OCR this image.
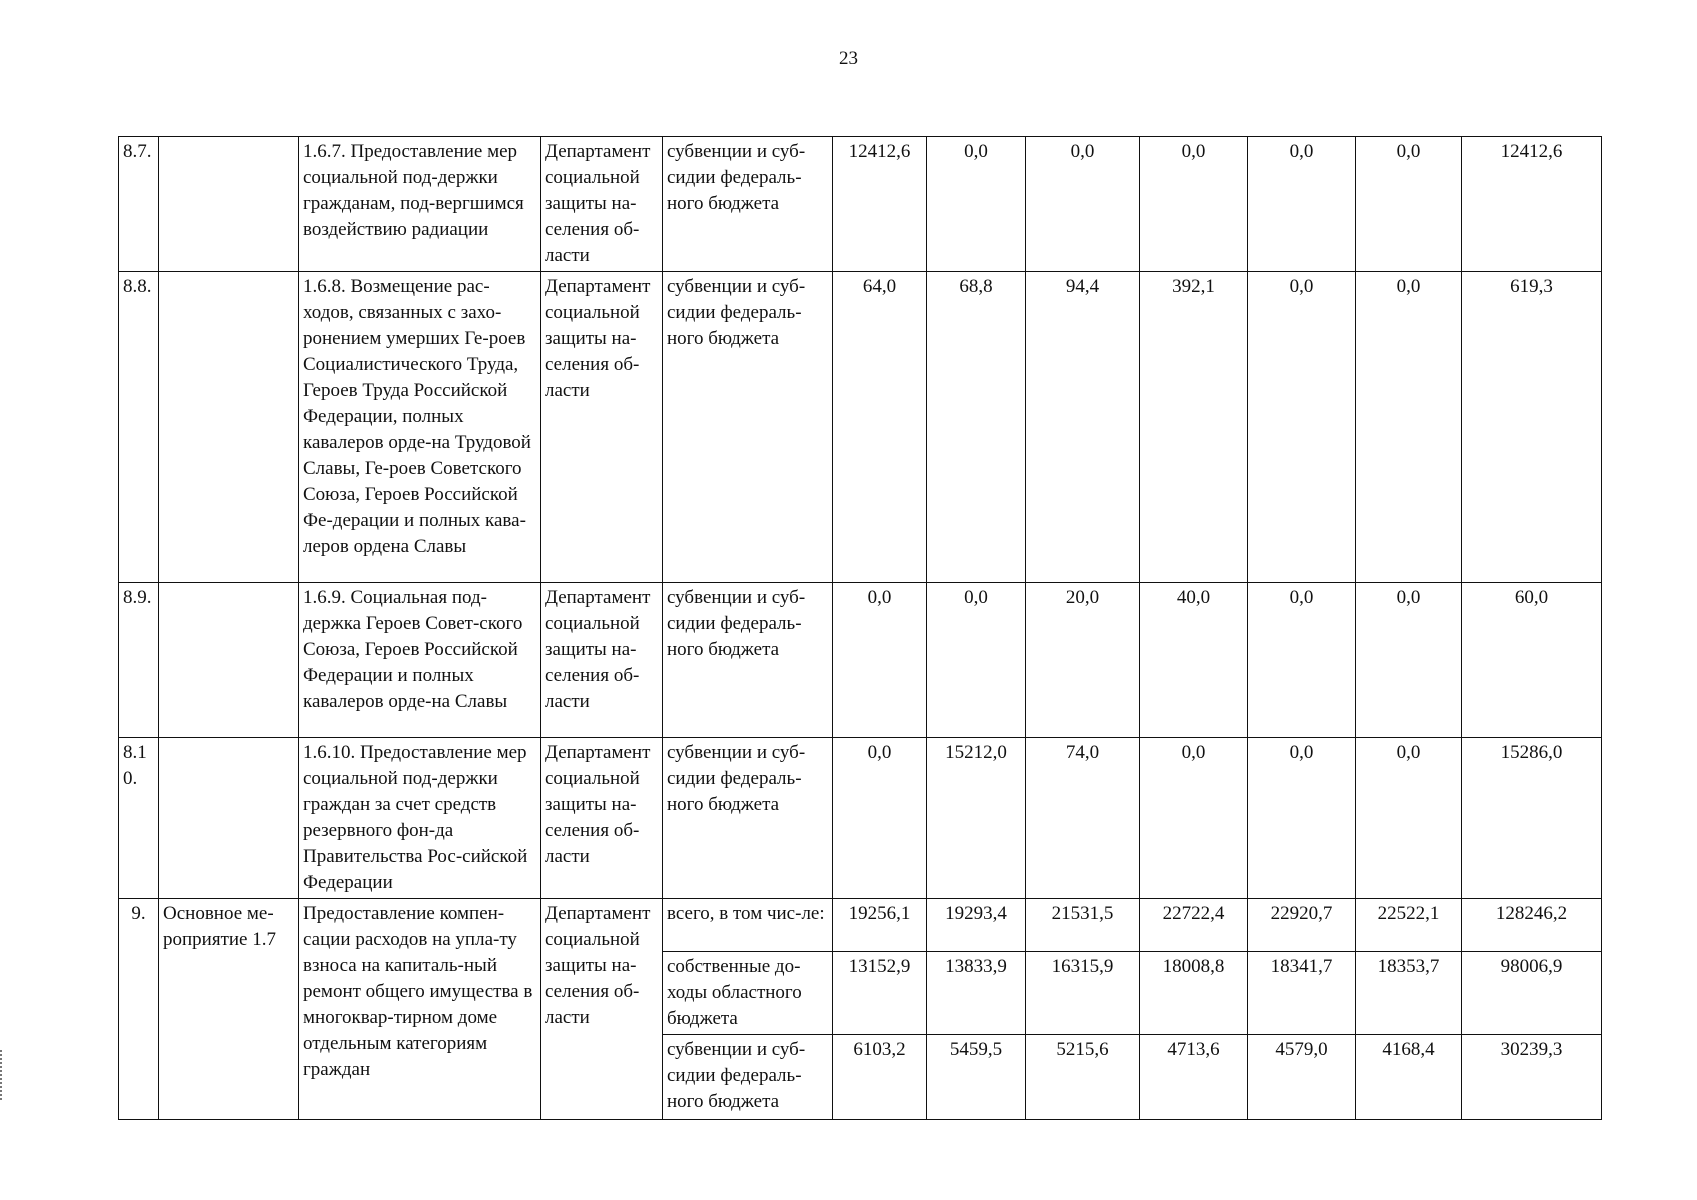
23
8.7.		1.6.7. Предоставление мер социальной под-держки гражданам, под-вергшимся воздействию радиации	Департамент социальной защиты на-селения об-ласти	субвенции и суб-сидии федераль-ного бюджета	12412,6	0,0	0,0	0,0	0,0	0,0	12412,6
8.8.		1.6.8. Возмещение рас-ходов, связанных с захо-ронением умерших Ге-роев Социалистического Труда, Героев Труда Российской Федерации, полных кавалеров орде-на Трудовой Славы, Ге-роев Советского Союза, Героев Российской Фе-дерации и полных кава-леров ордена Славы	Департамент социальной защиты на-селения об-ласти	субвенции и суб-сидии федераль-ного бюджета	64,0	68,8	94,4	392,1	0,0	0,0	619,3
8.9.		1.6.9. Социальная под-держка Героев Совет-ского Союза, Героев Российской Федерации и полных кавалеров орде-на Славы	Департамент социальной защиты на-селения об-ласти	субвенции и суб-сидии федераль-ного бюджета	0,0	0,0	20,0	40,0	0,0	0,0	60,0
8.10.		1.6.10. Предоставление мер социальной под-держки граждан за счет средств резервного фон-да Правительства Рос-сийской Федерации	Департамент социальной защиты на-селения об-ласти	субвенции и суб-сидии федераль-ного бюджета	0,0	15212,0	74,0	0,0	0,0	0,0	15286,0
9.	Основное ме-роприятие 1.7	Предоставление компен-сации расходов на упла-ту взноса на капиталь-ный ремонт общего имущества в многоквар-тирном доме отдельным категориям граждан	Департамент социальной защиты на-селения об-ласти	всего, в том чис-ле:	19256,1	19293,4	21531,5	22722,4	22920,7	22522,1	128246,2
				собственные до-ходы областного бюджета	13152,9	13833,9	16315,9	18008,8	18341,7	18353,7	98006,9
				субвенции и суб-сидии федераль-ного бюджета	6103,2	5459,5	5215,6	4713,6	4579,0	4168,4	30239,3
